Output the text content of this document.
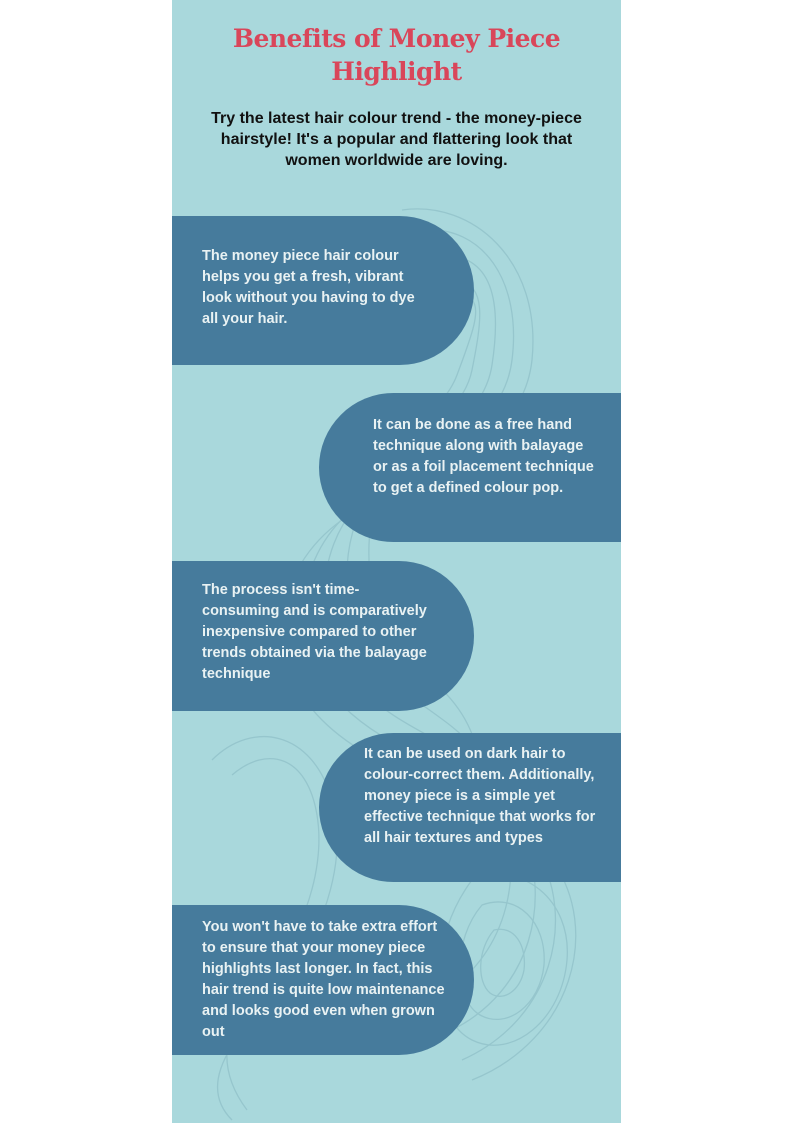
Benefits of Money Piece Highlight

Try the latest hair colour trend - the money-piece hairstyle! It's a popular and flattering look that women worldwide are loving.

The money piece hair colour helps you get a fresh, vibrant look without you having to dye all your hair.

It can be done as a free hand technique along with balayage or as a foil placement technique to get a defined colour pop.

The process isn't time-consuming and is comparatively inexpensive compared to other trends obtained via the balayage technique

It can be used on dark hair to colour-correct them. Additionally, money piece is a simple yet effective technique that works for all hair textures and types

You won't have to take extra effort to ensure that your money piece highlights last longer. In fact, this hair trend is quite low maintenance and looks good even when grown out
